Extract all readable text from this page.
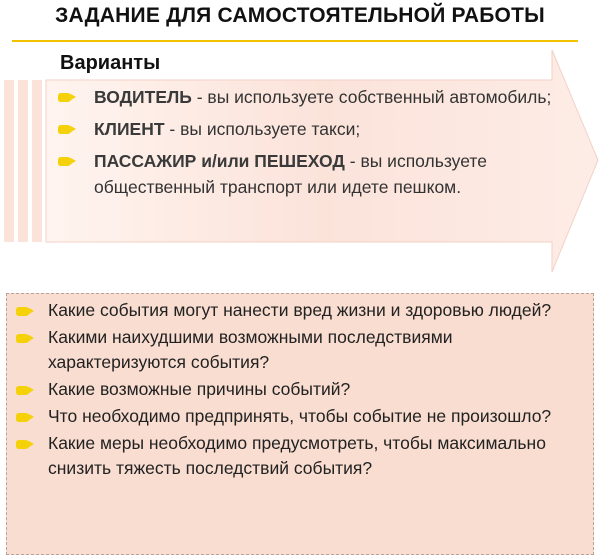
ЗАДАНИЕ ДЛЯ САМОСТОЯТЕЛЬНОЙ РАБОТЫ
Варианты
ВОДИТЕЛЬ - вы используете собственный автомобиль;
КЛИЕНТ - вы используете такси;
ПАССАЖИР и/или ПЕШЕХОД - вы используете общественный транспорт или идете пешком.
Какие события могут нанести вред жизни и здоровью людей?
Какими наихудшими возможными последствиями характеризуются события?
Какие возможные причины событий?
Что необходимо предпринять, чтобы событие не произошло?
Какие меры необходимо предусмотреть, чтобы максимально снизить тяжесть последствий события?
